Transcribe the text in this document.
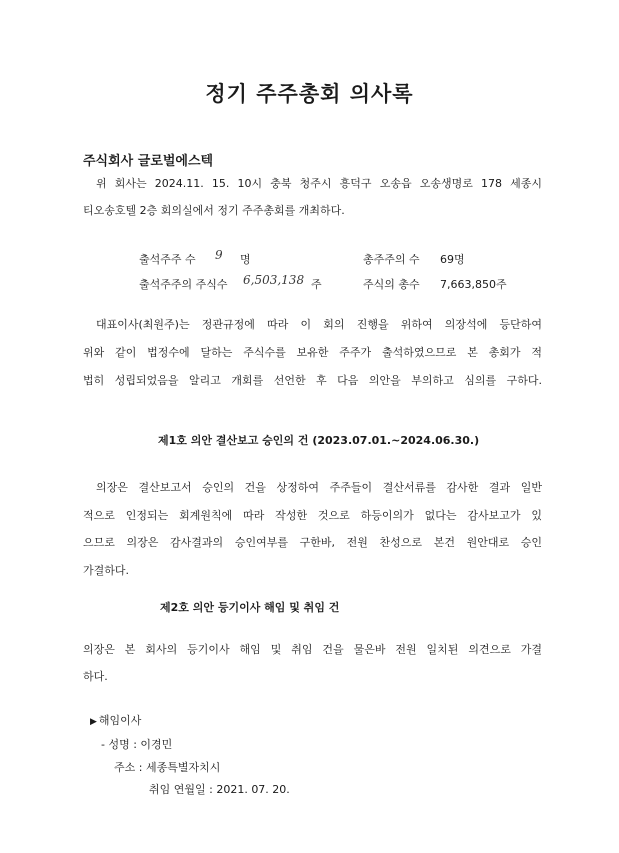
정기 주주총회 의사록
주식회사 글로벌에스텍
위 회사는 2024.11. 15. 10시 충북 청주시 흥덕구 오송읍 오송생명로 178 세종시
티오송호텔 2층 회의실에서 정기 주주총회를 개최하다.
출석주주 수 9 명	총주주의 수 69명
출석주주의 주식수 6,503,138 주	주식의 총수 7,663,850주
대표이사(최원주)는 정관규정에 따라 이 회의 진행을 위하여 의장석에 등단하여
위와 같이 법정수에 달하는 주식수를 보유한 주주가 출석하였으므로 본 총회가 적
법히 성립되었음을 알리고 개회를 선언한 후 다음 의안을 부의하고 심의를 구하다.
제1호 의안 결산보고 승인의 건 (2023.07.01.~2024.06.30.)
의장은 결산보고서 승인의 건을 상정하여 주주들이 결산서류를 감사한 결과 일반
적으로 인정되는 회계원칙에 따라 작성한 것으로 하등이의가 없다는 감사보고가 있
으므로 의장은 감사결과의 승인여부를 구한바, 전원 찬성으로 본건 원안대로 승인
가결하다.
제2호 의안 등기이사 해임 및 취임 건
의장은 본 회사의 등기이사 해임 및 취임 건을 물은바 전원 일치된 의견으로 가결
하다.
▶ 해임이사
- 성명 : 이경민
주소 : 세종특별자치시
취임 연월일 : 2021. 07. 20.
